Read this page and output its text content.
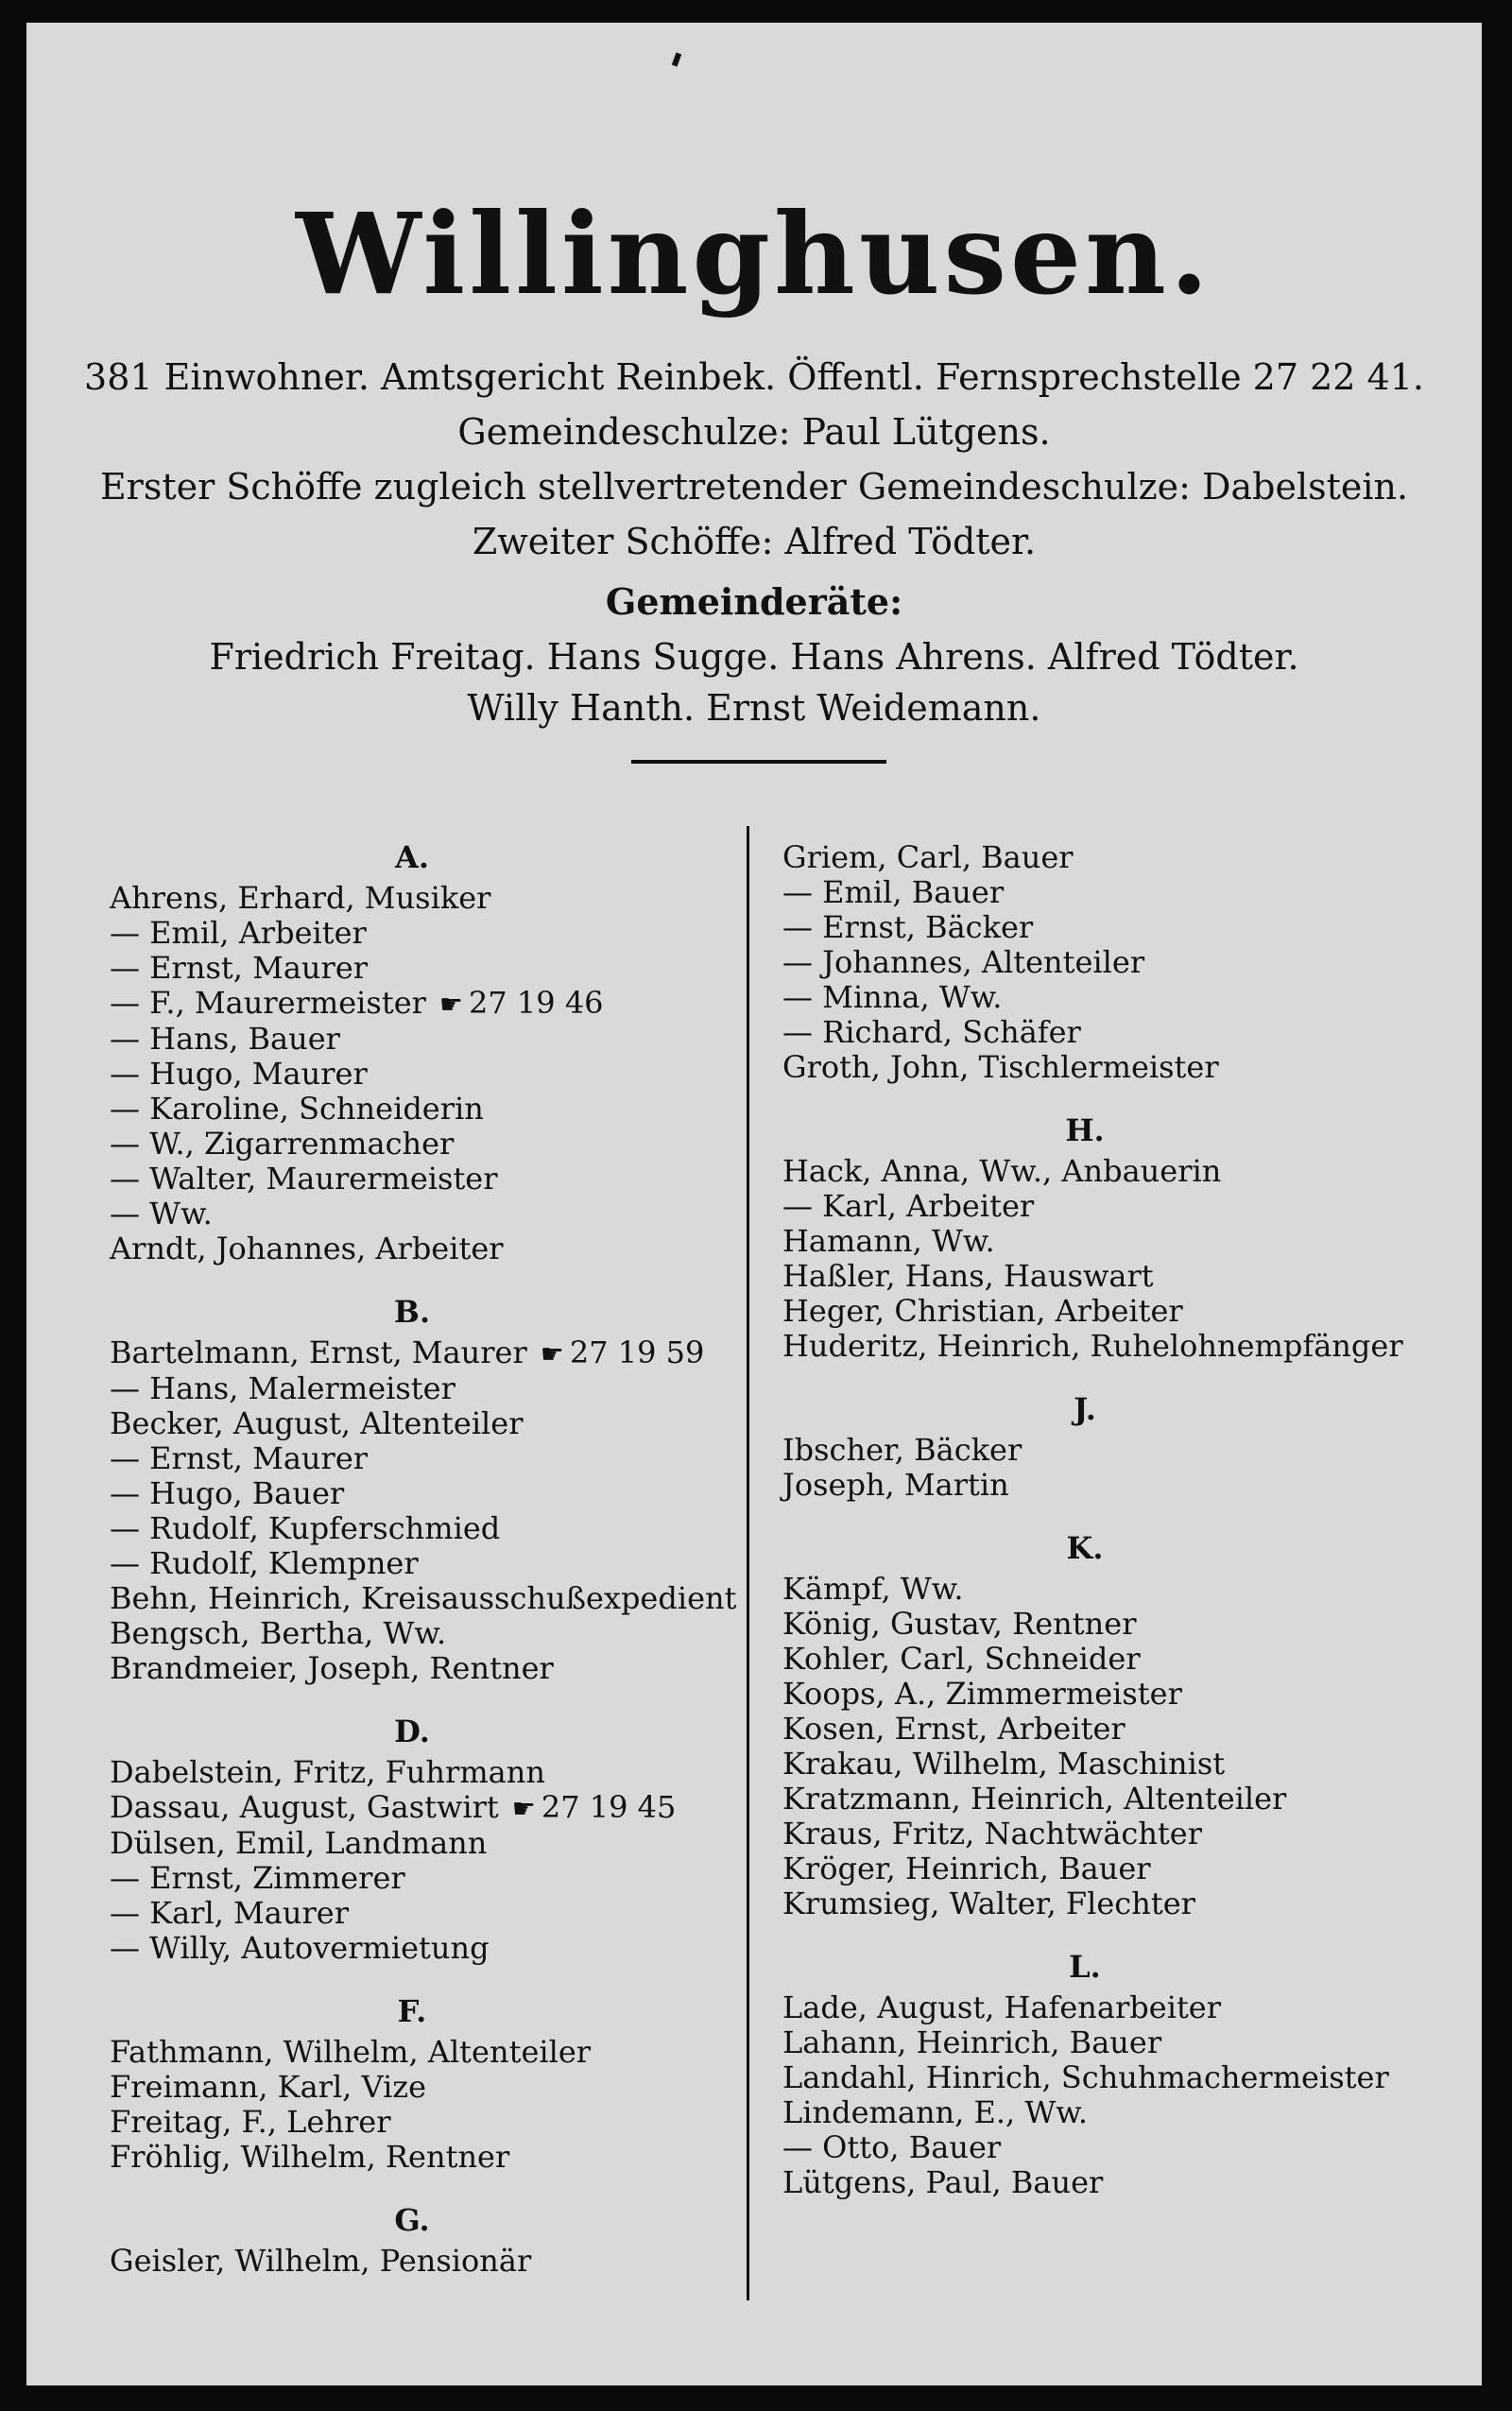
Willinghusen.
381 Einwohner. Amtsgericht Reinbek. Öffentl. Fernsprechstelle 27 22 41.
Gemeindeschulze: Paul Lütgens.
Erster Schöffe zugleich stellvertretender Gemeindeschulze: Dabelstein.
Zweiter Schöffe: Alfred Tödter.
Gemeinderäte:
Friedrich Freitag. Hans Sugge. Hans Ahrens. Alfred Tödter.
Willy Hanth. Ernst Weidemann.
A.
Ahrens, Erhard, Musiker
— Emil, Arbeiter
— Ernst, Maurer
— F., Maurermeister ☛ 27 19 46
— Hans, Bauer
— Hugo, Maurer
— Karoline, Schneiderin
— W., Zigarrenmacher
— Walter, Maurermeister
— Ww.
Arndt, Johannes, Arbeiter
B.
Bartelmann, Ernst, Maurer ☛ 27 19 59
— Hans, Malermeister
Becker, August, Altenteiler
— Ernst, Maurer
— Hugo, Bauer
— Rudolf, Kupferschmied
— Rudolf, Klempner
Behn, Heinrich, Kreisausschußexpedient
Bengsch, Bertha, Ww.
Brandmeier, Joseph, Rentner
D.
Dabelstein, Fritz, Fuhrmann
Dassau, August, Gastwirt ☛ 27 19 45
Dülsen, Emil, Landmann
— Ernst, Zimmerer
— Karl, Maurer
— Willy, Autovermietung
F.
Fathmann, Wilhelm, Altenteiler
Freimann, Karl, Vize
Freitag, F., Lehrer
Fröhlig, Wilhelm, Rentner
G.
Geisler, Wilhelm, Pensionär
Griem, Carl, Bauer
— Emil, Bauer
— Ernst, Bäcker
— Johannes, Altenteiler
— Minna, Ww.
— Richard, Schäfer
Groth, John, Tischlermeister
H.
Hack, Anna, Ww., Anbauerin
— Karl, Arbeiter
Hamann, Ww.
Haßler, Hans, Hauswart
Heger, Christian, Arbeiter
Huderitz, Heinrich, Ruhelohnempfänger
J.
Ibscher, Bäcker
Joseph, Martin
K.
Kämpf, Ww.
König, Gustav, Rentner
Kohler, Carl, Schneider
Koops, A., Zimmermeister
Kosen, Ernst, Arbeiter
Krakau, Wilhelm, Maschinist
Kratzmann, Heinrich, Altenteiler
Kraus, Fritz, Nachtwächter
Kröger, Heinrich, Bauer
Krumsieg, Walter, Flechter
L.
Lade, August, Hafenarbeiter
Lahann, Heinrich, Bauer
Landahl, Hinrich, Schuhmachermeister
Lindemann, E., Ww.
— Otto, Bauer
Lütgens, Paul, Bauer
